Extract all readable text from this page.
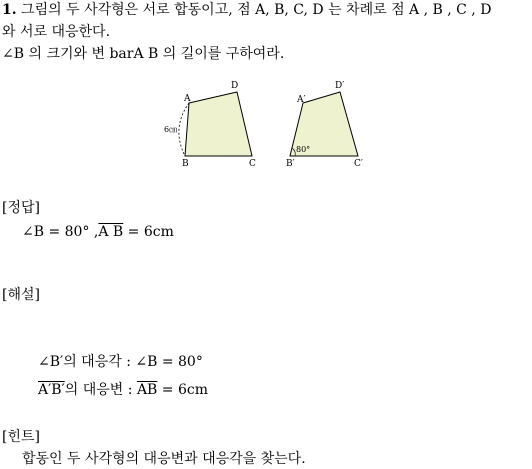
1. 그림의 두 사각형은 서로 합동이고, 점 A, B, C, D 는 차례로 점 A , B , C , D
와 서로 대응한다.
∠B 의 크기와 변 barA B 의 길이를 구하여라.
A
D
6㎝
B	C
A′
D′
80°
B′	C′
[정답]
∠B = 80° ,A B = 6cm
[해설]
∠B′의 대응각 : ∠B = 80°
A′B′의 대응변 : $\overline{AB} = 6cm$
[힌트]
합동인 두 사각형의 대응변과 대응각을 찾는다.
